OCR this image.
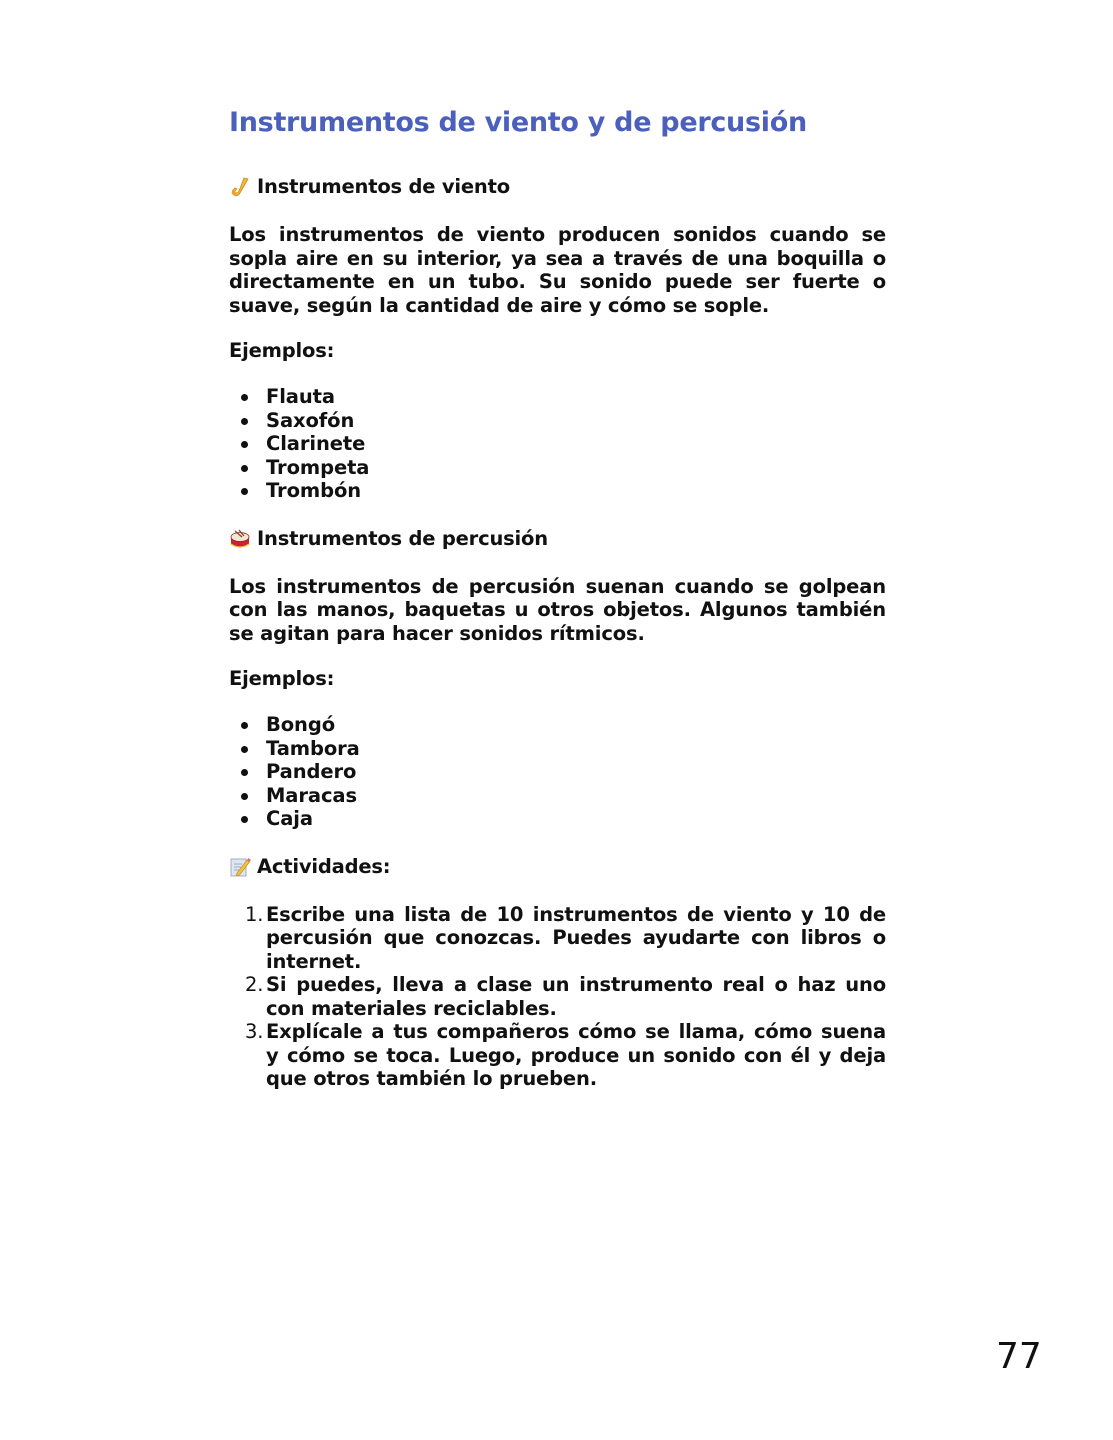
Instrumentos de viento y de percusión
Instrumentos de viento

Los instrumentos de viento producen sonidos cuando se sopla aire en su interior, ya sea a través de una boquilla o directamente en un tubo. Su sonido puede ser fuerte o suave, según la cantidad de aire y cómo se sople.

Ejemplos:

Flauta
Saxofón
Clarinete
Trompeta
Trombón
Instrumentos de percusión

Los instrumentos de percusión suenan cuando se golpean con las manos, baquetas u otros objetos. Algunos también se agitan para hacer sonidos rítmicos.

Ejemplos:

Bongó
Tambora
Pandero
Maracas
Caja
Actividades:
1. Escribe una lista de 10 instrumentos de viento y 10 de percusión que conozcas. Puedes ayudarte con libros o internet.
2. Si puedes, lleva a clase un instrumento real o haz uno con materiales reciclables.
3. Explícale a tus compañeros cómo se llama, cómo suena y cómo se toca. Luego, produce un sonido con él y deja que otros también lo prueben.
77
